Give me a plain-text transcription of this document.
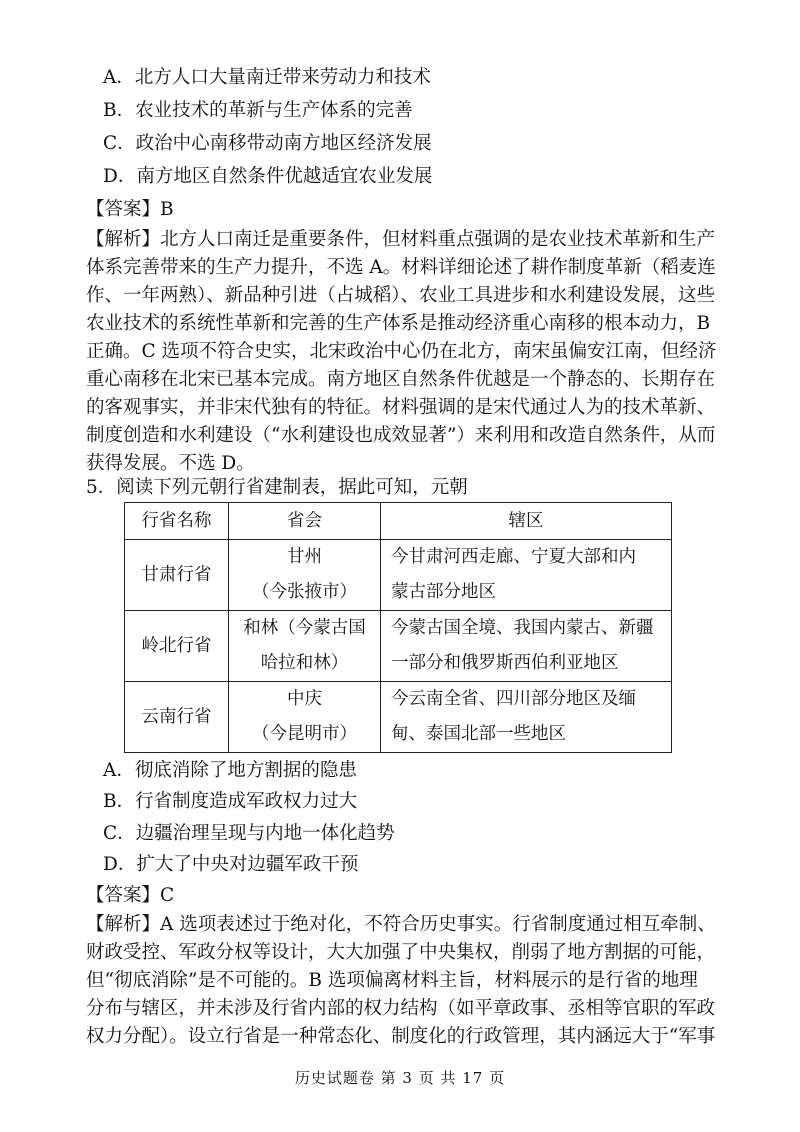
A．北方人口大量南迁带来劳动力和技术
B．农业技术的革新与生产体系的完善
C．政治中心南移带动南方地区经济发展
D．南方地区自然条件优越适宜农业发展
【答案】B
【解析】北方人口南迁是重要条件，但材料重点强调的是农业技术革新和生产
体系完善带来的生产力提升，不选 A。材料详细论述了耕作制度革新（稻麦连
作、一年两熟）、新品种引进（占城稻）、农业工具进步和水利建设发展，这些
农业技术的系统性革新和完善的生产体系是推动经济重心南移的根本动力，B
正确。C 选项不符合史实，北宋政治中心仍在北方，南宋虽偏安江南，但经济
重心南移在北宋已基本完成。南方地区自然条件优越是一个静态的、长期存在
的客观事实，并非宋代独有的特征。材料强调的是宋代通过人为的技术革新、
制度创造和水利建设（“水利建设也成效显著”）来利用和改造自然条件，从而
获得发展。不选 D。
5．阅读下列元朝行省建制表，据此可知，元朝
行省名称	省会	辖区
甘肃行省	甘州
（今张掖市）	今甘肃河西走廊、宁夏大部和内
蒙古部分地区

岭北行省	和林（今蒙古国
哈拉和林）	今蒙古国全境、我国内蒙古、新疆
一部分和俄罗斯西伯利亚地区

云南行省	中庆
（今昆明市）	今云南全省、四川部分地区及缅
甸、泰国北部一些地区
A．彻底消除了地方割据的隐患
B．行省制度造成军政权力过大
C．边疆治理呈现与内地一体化趋势
D．扩大了中央对边疆军政干预
【答案】C
【解析】A 选项表述过于绝对化，不符合历史事实。行省制度通过相互牵制、
财政受控、军政分权等设计，大大加强了中央集权，削弱了地方割据的可能，
但“彻底消除”是不可能的。B 选项偏离材料主旨，材料展示的是行省的地理
分布与辖区，并未涉及行省内部的权力结构（如平章政事、丞相等官职的军政
权力分配）。设立行省是一种常态化、制度化的行政管理，其内涵远大于“军事
历史试题卷 第 3 页 共 17 页
